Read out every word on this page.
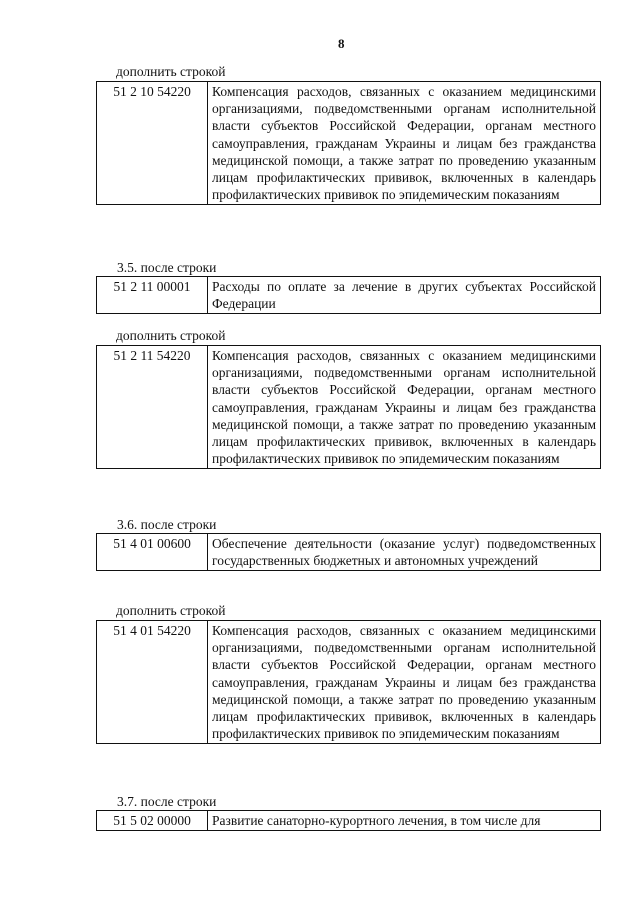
8
дополнить строкой
51 2 10 54220	Компенсация расходов, связанных с оказанием медицинскими организациями, подведомственными органам исполнительной власти субъектов Российской Федерации, органам местного самоуправления, гражданам Украины и лицам без гражданства медицинской помощи, а также затрат по проведению указанным лицам профилактических прививок, включенных в календарь профилактических прививок по эпидемическим показаниям
3.5. после строки
51 2 11 00001	Расходы по оплате за лечение в других субъектах Российской Федерации
дополнить строкой
51 2 11 54220	Компенсация расходов, связанных с оказанием медицинскими организациями, подведомственными органам исполнительной власти субъектов Российской Федерации, органам местного самоуправления, гражданам Украины и лицам без гражданства медицинской помощи, а также затрат по проведению указанным лицам профилактических прививок, включенных в календарь профилактических прививок по эпидемическим показаниям
3.6. после строки
51 4 01 00600	Обеспечение деятельности (оказание услуг) подведомственных государственных бюджетных и автономных учреждений
дополнить строкой
51 4 01 54220	Компенсация расходов, связанных с оказанием медицинскими организациями, подведомственными органам исполнительной власти субъектов Российской Федерации, органам местного самоуправления, гражданам Украины и лицам без гражданства медицинской помощи, а также затрат по проведению указанным лицам профилактических прививок, включенных в календарь профилактических прививок по эпидемическим показаниям
3.7. после строки
51 5 02 00000	Развитие санаторно-курортного лечения, в том числе для
